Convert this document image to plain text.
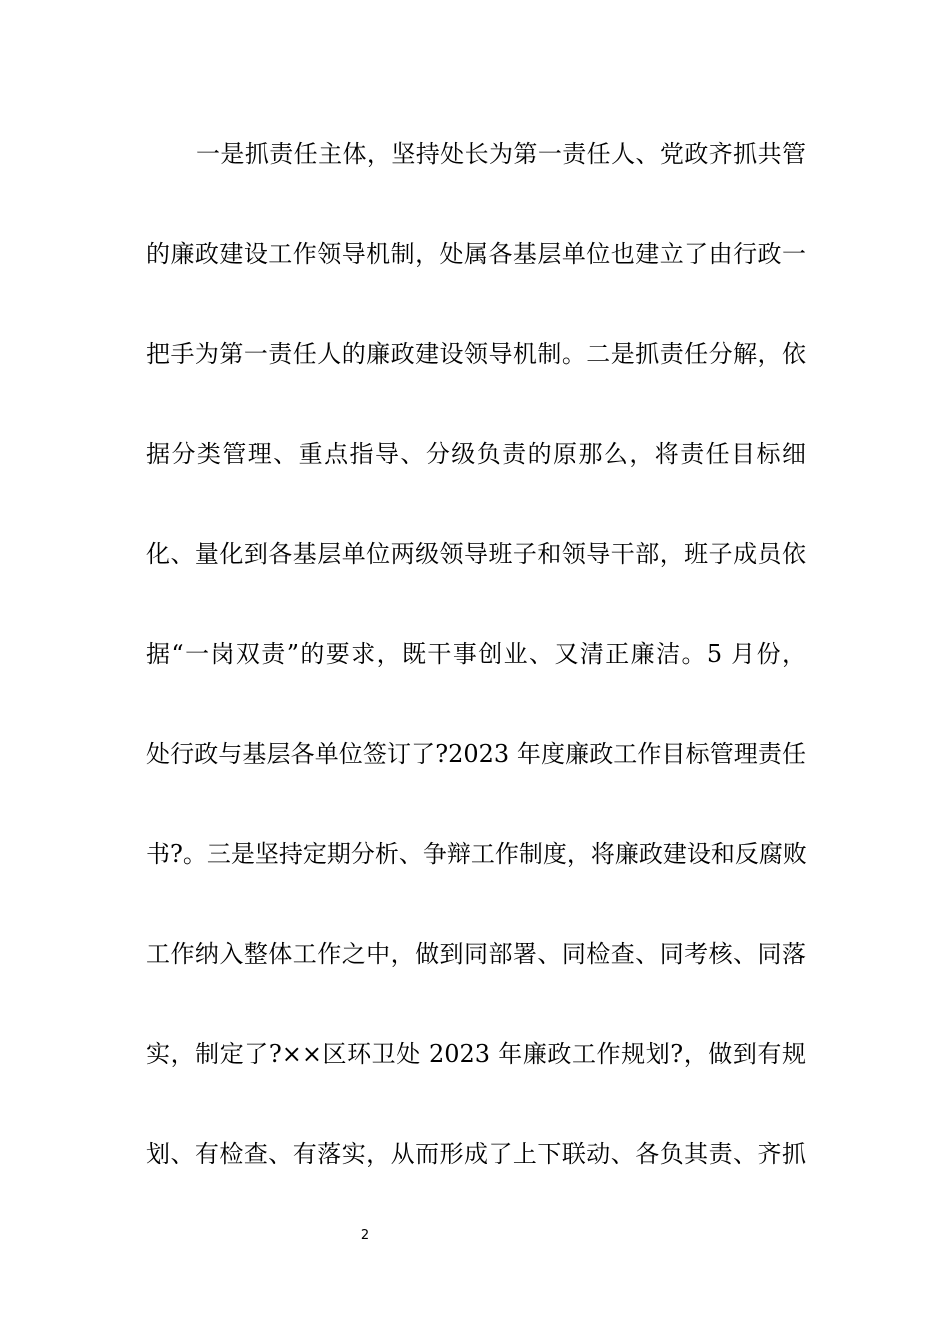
一是抓责任主体，坚持处长为第一责任人、党政齐抓共管
的廉政建设工作领导机制，处属各基层单位也建立了由行政一
把手为第一责任人的廉政建设领导机制。二是抓责任分解，依
据分类管理、重点指导、分级负责的原那么，将责任目标细
化、量化到各基层单位两级领导班子和领导干部，班子成员依
据“一岗双责”的要求，既干事创业、又清正廉洁。5 月份，
处行政与基层各单位签订了?2023 年度廉政工作目标管理责任
书?。三是坚持定期分析、争辩工作制度，将廉政建设和反腐败
工作纳入整体工作之中，做到同部署、同检查、同考核、同落
实，制定了?××区环卫处 2023 年廉政工作规划?，做到有规
划、有检查、有落实，从而形成了上下联动、各负其责、齐抓
2
